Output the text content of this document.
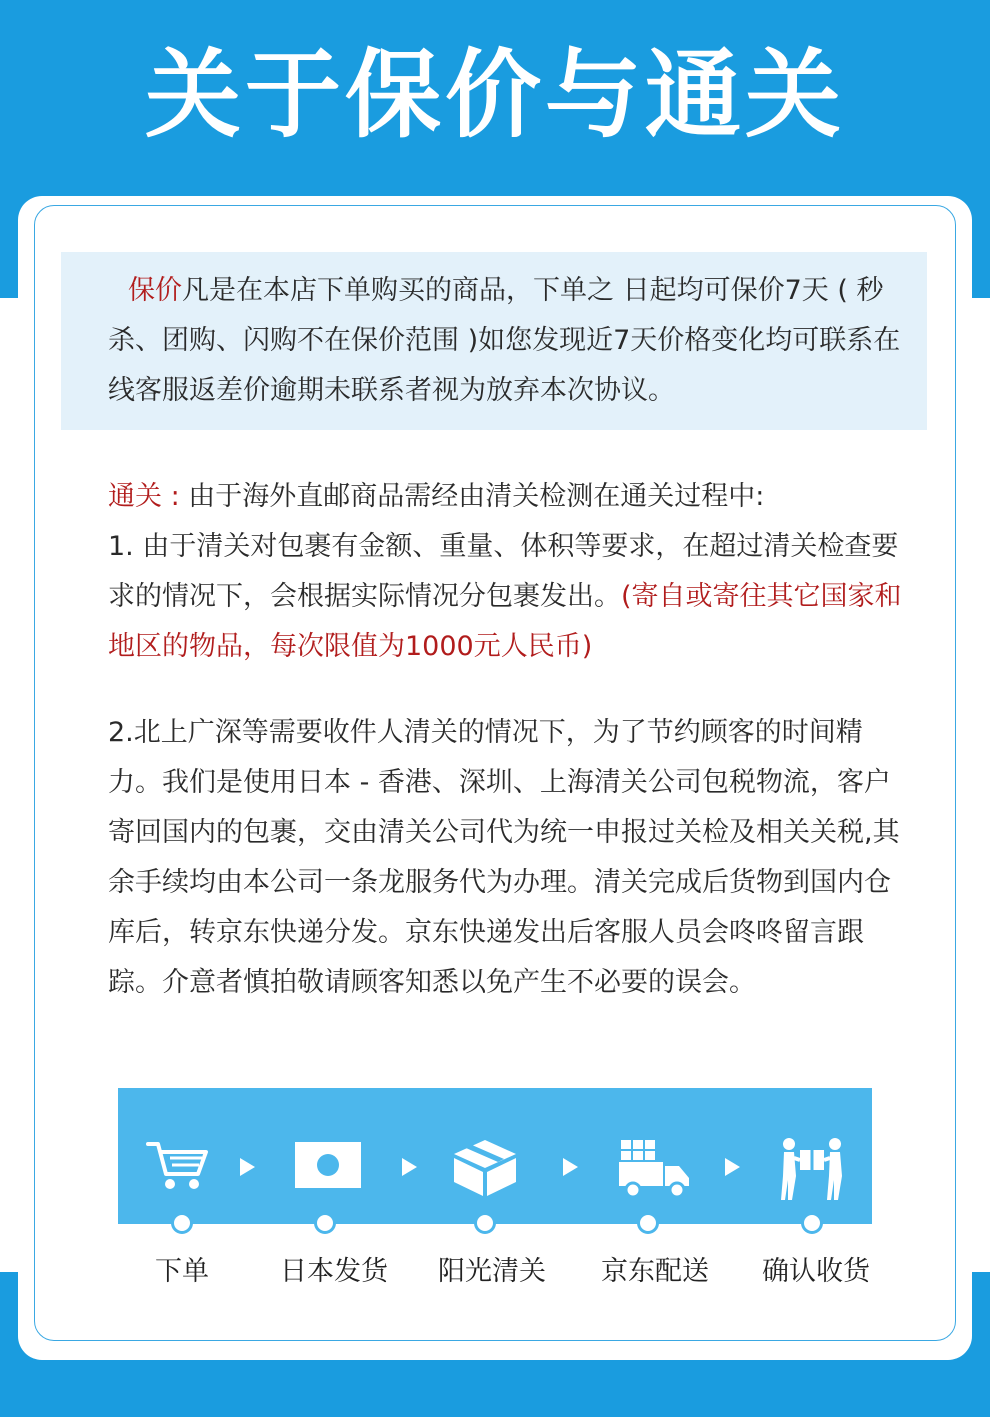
关于保价与通关
保价凡是在本店下单购买的商品，下单之 日起均可保价7天 ( 秒杀、团购、闪购不在保价范围 )如您发现近7天价格变化均可联系在线客服返差价逾期未联系者视为放弃本次协议。
通关 : 由于海外直邮商品需经由清关检测在通关过程中:
1. 由于清关对包裹有金额、重量、体积等要求，在超过清关检查要求的情况下，会根据实际情况分包裹发出。(寄自或寄往其它国家和地区的物品，每次限值为1000元人民币)
2.北上广深等需要收件人清关的情况下，为了节约顾客的时间精力。我们是使用日本 - 香港、深圳、上海清关公司包税物流，客户寄回国内的包裹，交由清关公司代为统一申报过关检及相关关税,其余手续均由本公司一条龙服务代为办理。清关完成后货物到国内仓库后，转京东快递分发。京东快递发出后客服人员会咚咚留言跟踪。介意者慎拍敬请顾客知悉以免产生不必要的误会。
下单	日本发货	阳光清关	京东配送	确认收货
